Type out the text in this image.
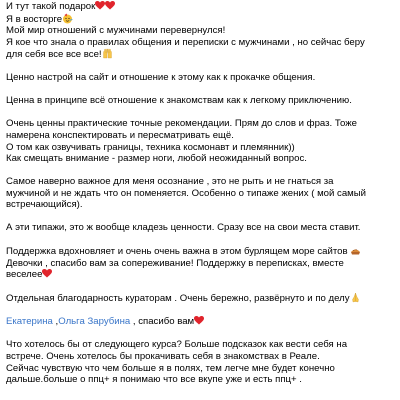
И тут такой подарок
Я в восторге
Мой мир отношений с мужчинами перевернулся!
Я кое что знала о правилах общения и переписки с мужчинами , но сейчас беру
для себя все все все!
Ценно настрой на сайт и отношение к этому как к прокачке общения.
Ценна в принципе всё отношение к знакомствам как к легкому приключению.
Очень ценны практические точные рекомендации. Прям до слов и фраз. Тоже
намерена конспектировать и пересматривать ещё.
О том как озвучивать границы, техника космонавт и племянник))
Как смещать внимание - размер ноги, любой неожиданный вопрос.
Самое наверно важное для меня осознание , это не рыть и не гнаться за
мужчиной и не ждать что он поменяется. Особенно о типаже жених ( мой самый
встречающийся).
А эти типажи, это ж вообще кладезь ценности. Сразу все на свои места ставит.
Поддержка вдохновляет и очень очень важна в этом бурлящем море сайтов
Девочки , спасибо вам за сопереживание! Поддержку в переписках, вместе
веселее
Отдельная благодарность кураторам . Очень бережно, развёрнуто и по делу
Екатерина ,Ольга Зарубина , спасибо вам
Что хотелось бы от следующего курса? Больше подсказок как вести себя на
встрече. Очень хотелось бы прокачивать себя в знакомствах в Реале.
Сейчас чувствую что чем больше я в полях, тем легче мне будет конечно
дальше.больше о ппц+ я понимаю что все вкупе уже и есть ппц+ .
